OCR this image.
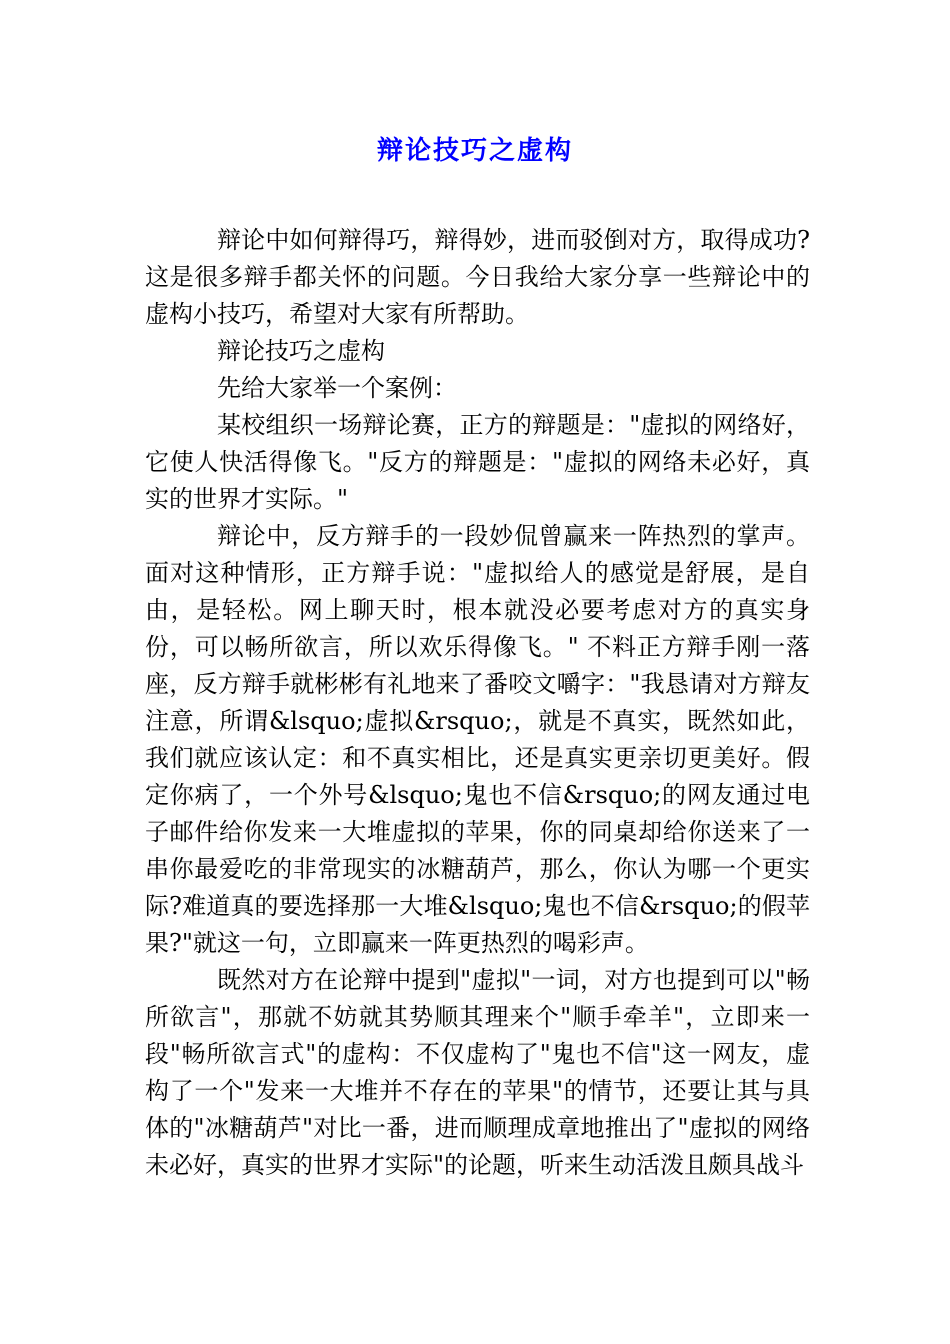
辩论技巧之虚构

辩论中如何辩得巧，辩得妙，进而驳倒对方，取得成功?这是很多辩手都关怀的问题。今日我给大家分享一些辩论中的虚构小技巧，希望对大家有所帮助。

辩论技巧之虚构

先给大家举一个案例：

某校组织一场辩论赛，正方的辩题是："虚拟的网络好，它使人快活得像飞。"反方的辩题是："虚拟的网络未必好，真实的世界才实际。"

辩论中，反方辩手的一段妙侃曾赢来一阵热烈的掌声。面对这种情形，正方辩手说："虚拟给人的感觉是舒展，是自由，是轻松。网上聊天时，根本就没必要考虑对方的真实身份，可以畅所欲言，所以欢乐得像飞。" 不料正方辩手刚一落座，反方辩手就彬彬有礼地来了番咬文嚼字："我恳请对方辩友注意，所谓&lsquo;虚拟&rsquo;，就是不真实，既然如此，我们就应该认定：和不真实相比，还是真实更亲切更美好。假定你病了，一个外号&lsquo;鬼也不信&rsquo;的网友通过电子邮件给你发来一大堆虚拟的苹果，你的同桌却给你送来了一串你最爱吃的非常现实的冰糖葫芦，那么，你认为哪一个更实际?难道真的要选择那一大堆&lsquo;鬼也不信&rsquo;的假苹果?"就这一句，立即赢来一阵更热烈的喝彩声。

既然对方在论辩中提到"虚拟"一词，对方也提到可以"畅所欲言"，那就不妨就其势顺其理来个"顺手牵羊"，立即来一段"畅所欲言式"的虚构：不仅虚构了"鬼也不信"这一网友，虚构了一个"发来一大堆并不存在的苹果"的情节，还要让其与具体的"冰糖葫芦"对比一番，进而顺理成章地推出了"虚拟的网络未必好，真实的世界才实际"的论题，听来生动活泼且颇具战斗
